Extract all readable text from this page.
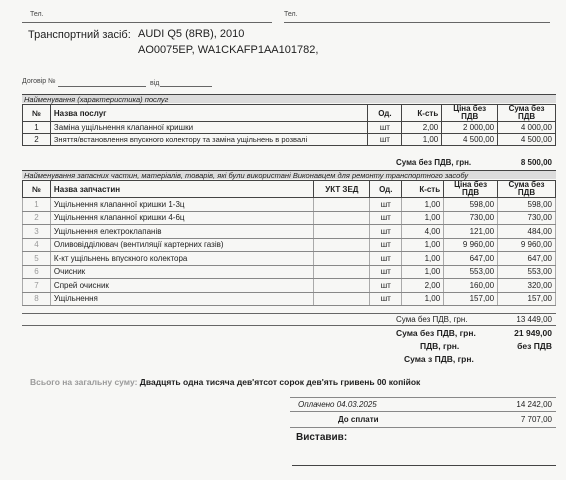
Тел.	Тел.
Транспортний засіб: AUDI Q5 (8RB), 2010
AO0075EP, WA1CKAFP1AA101782,
Договір №	від
Найменування (характеристика) послуг
№	Назва послуг	Од.	К-сть	Ціна без ПДВ	Сума без ПДВ
1	Заміна ущільнення клапанної кришки	шт	2,00	2 000,00	4 000,00
2	Зняття/встановлення впускного колектору та заміна ущільнень в розвалі	шт	1,00	4 500,00	4 500,00
Сума без ПДВ, грн.	8 500,00
Найменування запасних частин, матеріалів, товарів, які були використані Виконавцем для ремонту транспортного засобу
№	Назва запчастин	УКТ ЗЕД	Од.	К-сть	Ціна без ПДВ	Сума без ПДВ
1	Ущільнення клапанної кришки 1-3ц		шт	1,00	598,00	598,00
2	Ущільнення клапанної кришки 4-6ц		шт	1,00	730,00	730,00
3	Ущільнення електроклапанів		шт	4,00	121,00	484,00
4	Оливовідділювач (вентиляції картерних газів)		шт	1,00	9 960,00	9 960,00
5	К-кт ущільнень впускного колектора		шт	1,00	647,00	647,00
6	Очисник		шт	1,00	553,00	553,00
7	Спрей очисник		шт	2,00	160,00	320,00
8	Ущільнення		шт	1,00	157,00	157,00
Сума без ПДВ, грн.	13 449,00
Сума без ПДВ, грн.	21 949,00
ПДВ, грн.	без ПДВ
Сума з ПДВ, грн.
Всього на загальну суму: Двадцять одна тисяча дев'ятсот сорок дев'ять гривень 00 копійок
Оплачено 04.03.2025	14 242,00
До сплати	7 707,00
Виставив:
